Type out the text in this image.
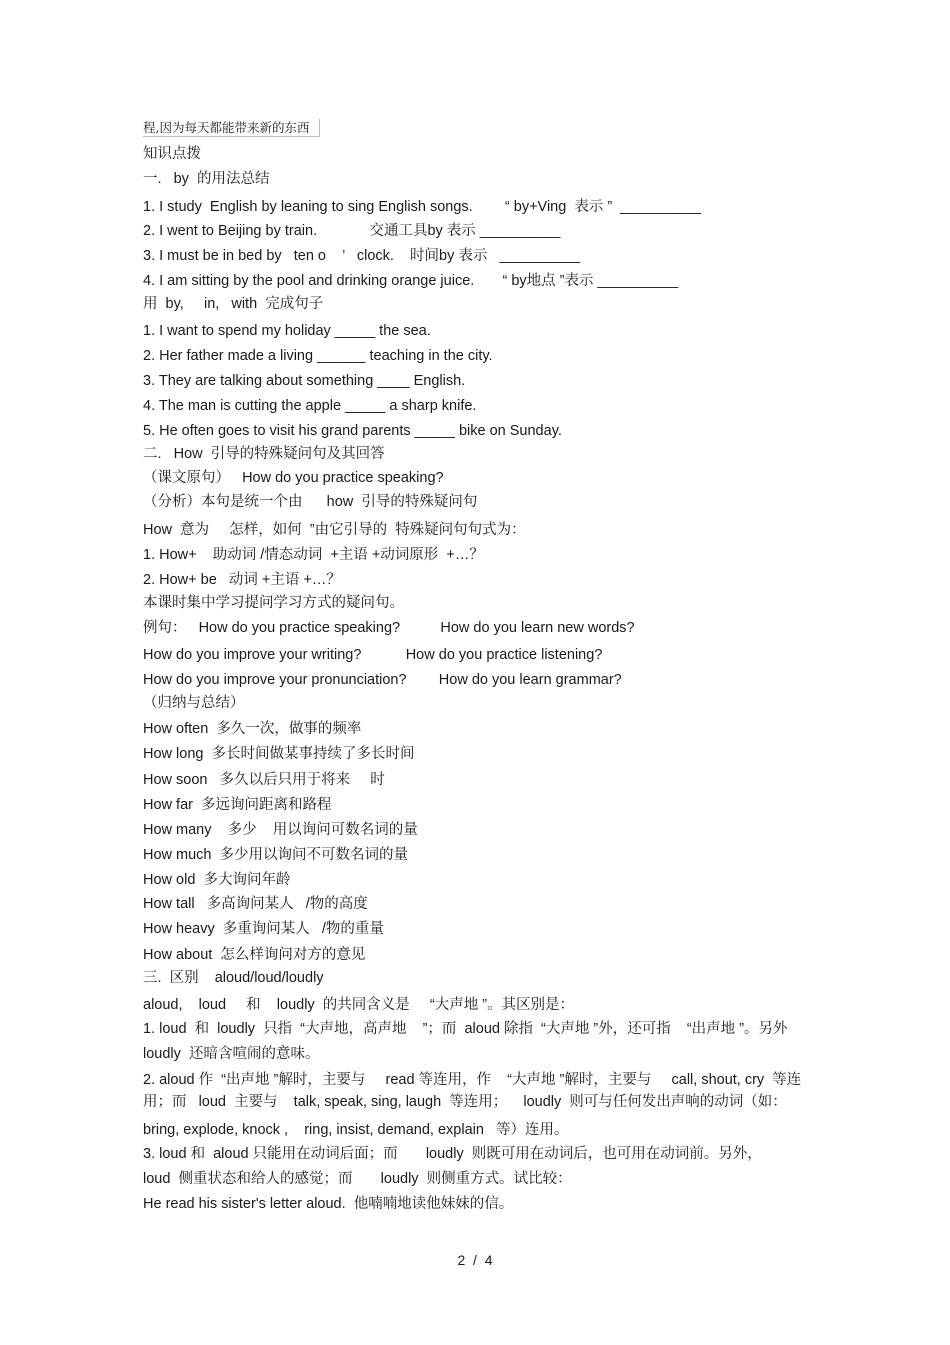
程,因为每天都能带来新的东西
知识点拨
一.   by  的用法总结
1. I study  English by leaning to sing English songs.        “ by+Ving  表示 ”  __________
2. I went to Beijing by train.             交通工具by 表示 __________
3. I must be in bed by   ten o    ’   clock.    时间by 表示   __________
4. I am sitting by the pool and drinking orange juice.       “ by地点 ”表示 __________
用  by,     in,   with  完成句子
1. I want to spend my holiday _____ the sea.
2. Her father made a living ______ teaching in the city.
3. They are talking about something ____ English.
4. The man is cutting the apple _____ a sharp knife.
5. He often goes to visit his grand parents _____ bike on Sunday.
二.   How  引导的特殊疑问句及其回答
（课文原句）   How do you practice speaking?
（分析）本句是统一个由      how  引导的特殊疑问句
How  意为     怎样，如何  ”由它引导的  特殊疑问句句式为：
1. How+    助动词 /情态动词  +主语 +动词原形  +…？
2. How+ be   动词 +主语 +…？
本课时集中学习提问学习方式的疑问句。
例句：   How do you practice speaking?          How do you learn new words?
How do you improve your writing?           How do you practice listening?
How do you improve your pronunciation?        How do you learn grammar?
（归纳与总结）
How often  多久一次，做事的频率
How long  多长时间做某事持续了多长时间
How soon   多久以后只用于将来     时
How far  多远询问距离和路程
How many    多少    用以询问可数名词的量
How much  多少用以询问不可数名词的量
How old  多大询问年龄
How tall   多高询问某人   /物的高度
How heavy  多重询问某人   /物的重量
How about  怎么样询问对方的意见
三.  区别    aloud/loud/loudly
aloud,    loud     和    loudly  的共同含义是     “大声地 ”。其区别是：
1. loud  和  loudly  只指  “大声地，高声地    ”；而  aloud 除指  “大声地 ”外，还可指    “出声地 ”。另外
loudly  还暗含喧闹的意味。
2. aloud 作  “出声地 ”解时，主要与     read 等连用，作    “大声地 ”解时，主要与     call, shout, cry  等连
用；而   loud  主要与    talk, speak, sing, laugh  等连用；    loudly  则可与任何发出声响的动词（如：
bring, explode, knock ,    ring, insist, demand, explain   等）连用。
3. loud 和  aloud 只能用在动词后面；而       loudly  则既可用在动词后，也可用在动词前。另外，
loud  侧重状态和给人的感觉；而       loudly  则侧重方式。试比较：
He read his sister's letter aloud.  他喃喃地读他妹妹的信。
2  /  4
